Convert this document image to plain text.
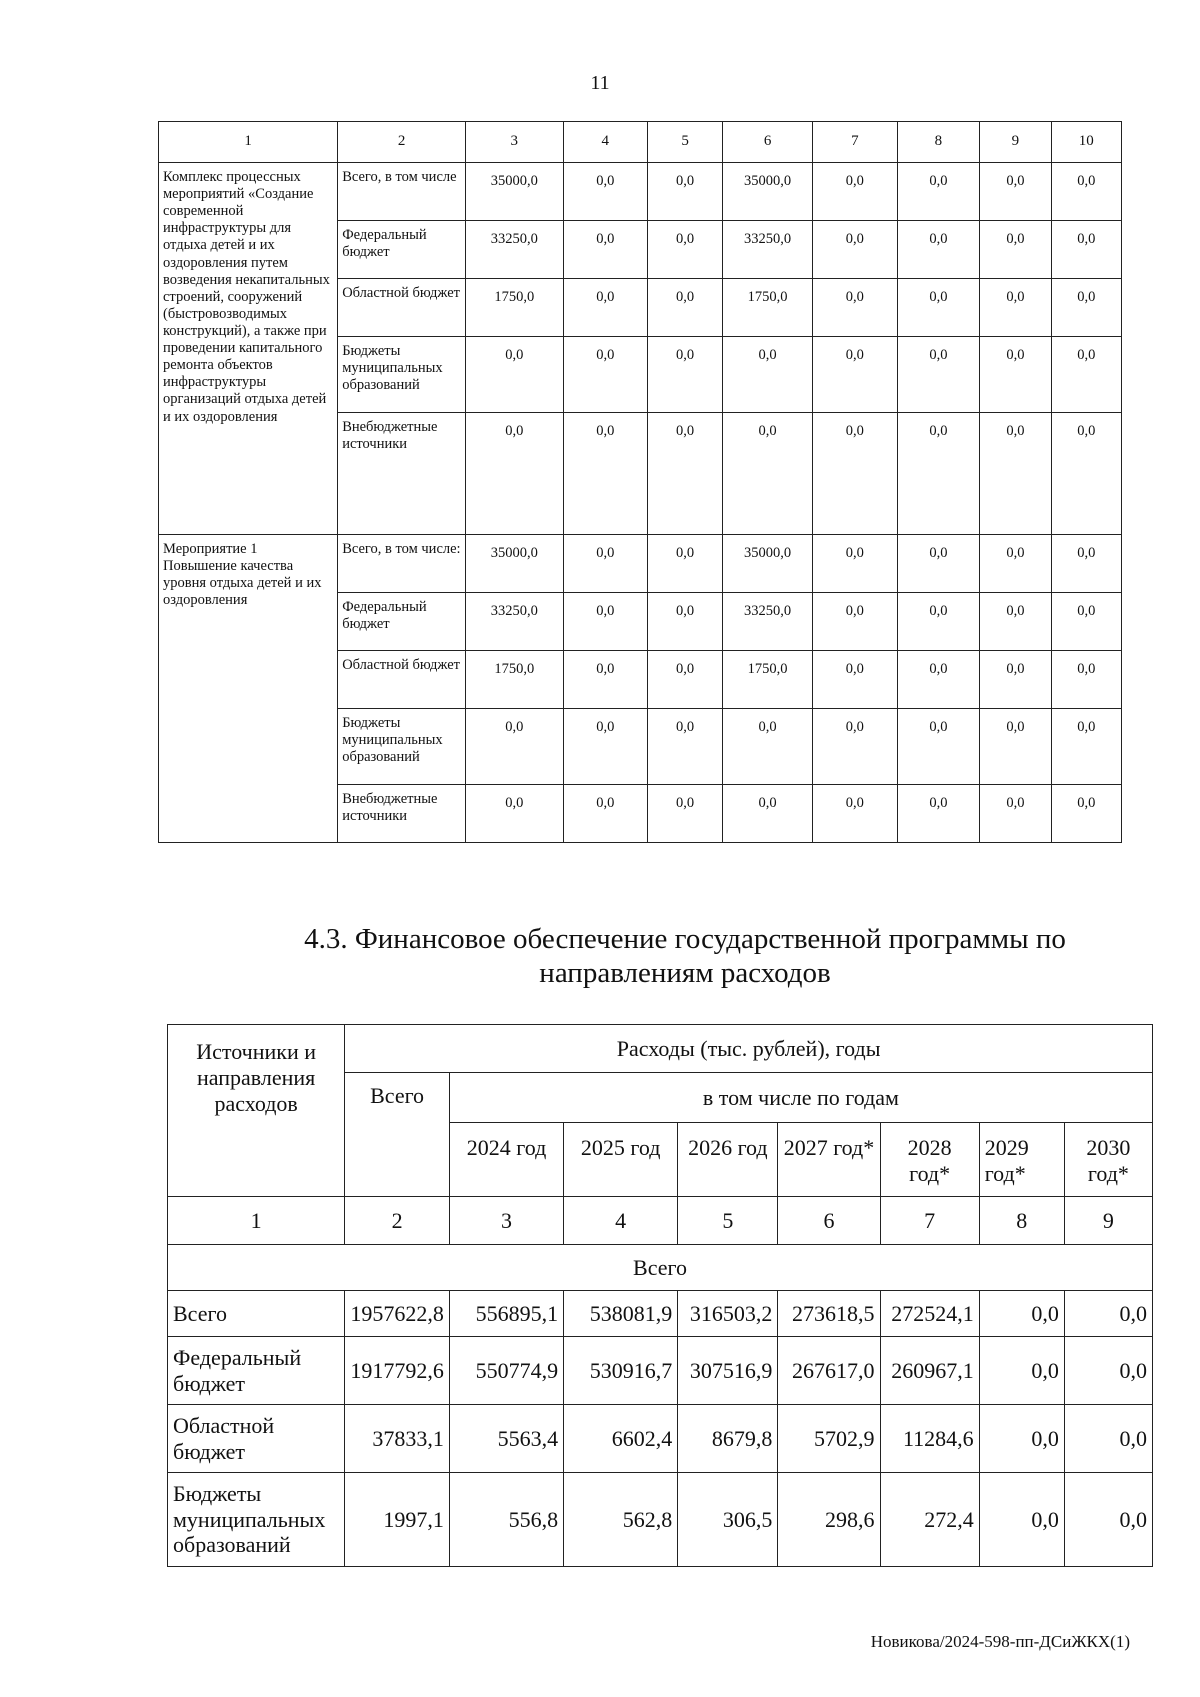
11
1	2	3	4	5	6	7	8	9	10
Комплекс процессных мероприятий «Создание современной инфраструктуры для отдыха детей и их оздоровления путем возведения некапитальных строений, сооружений (быстровозводимых конструкций), а также при проведении капитального ремонта объектов инфраструктуры организаций отдыха детей и их оздоровления	Всего, в том числе	35000,0	0,0	0,0	35000,0	0,0	0,0	0,0	0,0
	Федеральный бюджет	33250,0	0,0	0,0	33250,0	0,0	0,0	0,0	0,0
	Областной бюджет	1750,0	0,0	0,0	1750,0	0,0	0,0	0,0	0,0
	Бюджеты муниципальных образований	0,0	0,0	0,0	0,0	0,0	0,0	0,0	0,0
	Внебюджетные источники	0,0	0,0	0,0	0,0	0,0	0,0	0,0	0,0
Мероприятие 1 Повышение качества уровня отдыха детей и их оздоровления	Всего, в том числе:	35000,0	0,0	0,0	35000,0	0,0	0,0	0,0	0,0
	Федеральный бюджет	33250,0	0,0	0,0	33250,0	0,0	0,0	0,0	0,0
	Областной бюджет	1750,0	0,0	0,0	1750,0	0,0	0,0	0,0	0,0
	Бюджеты муниципальных образований	0,0	0,0	0,0	0,0	0,0	0,0	0,0	0,0
	Внебюджетные источники	0,0	0,0	0,0	0,0	0,0	0,0	0,0	0,0
4.3. Финансовое обеспечение государственной программы по направлениям расходов
Источники и направления расходов	Расходы (тыс. рублей), годы							
	Всего	в том числе по годам						
		2024 год	2025 год	2026 год	2027 год*	2028 год*	2029 год*	2030 год*
1	2	3	4	5	6	7	8	9
Всего								
Всего	1957622,8	556895,1	538081,9	316503,2	273618,5	272524,1	0,0	0,0
Федеральный бюджет	1917792,6	550774,9	530916,7	307516,9	267617,0	260967,1	0,0	0,0
Областной бюджет	37833,1	5563,4	6602,4	8679,8	5702,9	11284,6	0,0	0,0
Бюджеты муниципальных образований	1997,1	556,8	562,8	306,5	298,6	272,4	0,0	0,0
Новикова/2024-598-пп-ДСиЖКХ(1)
